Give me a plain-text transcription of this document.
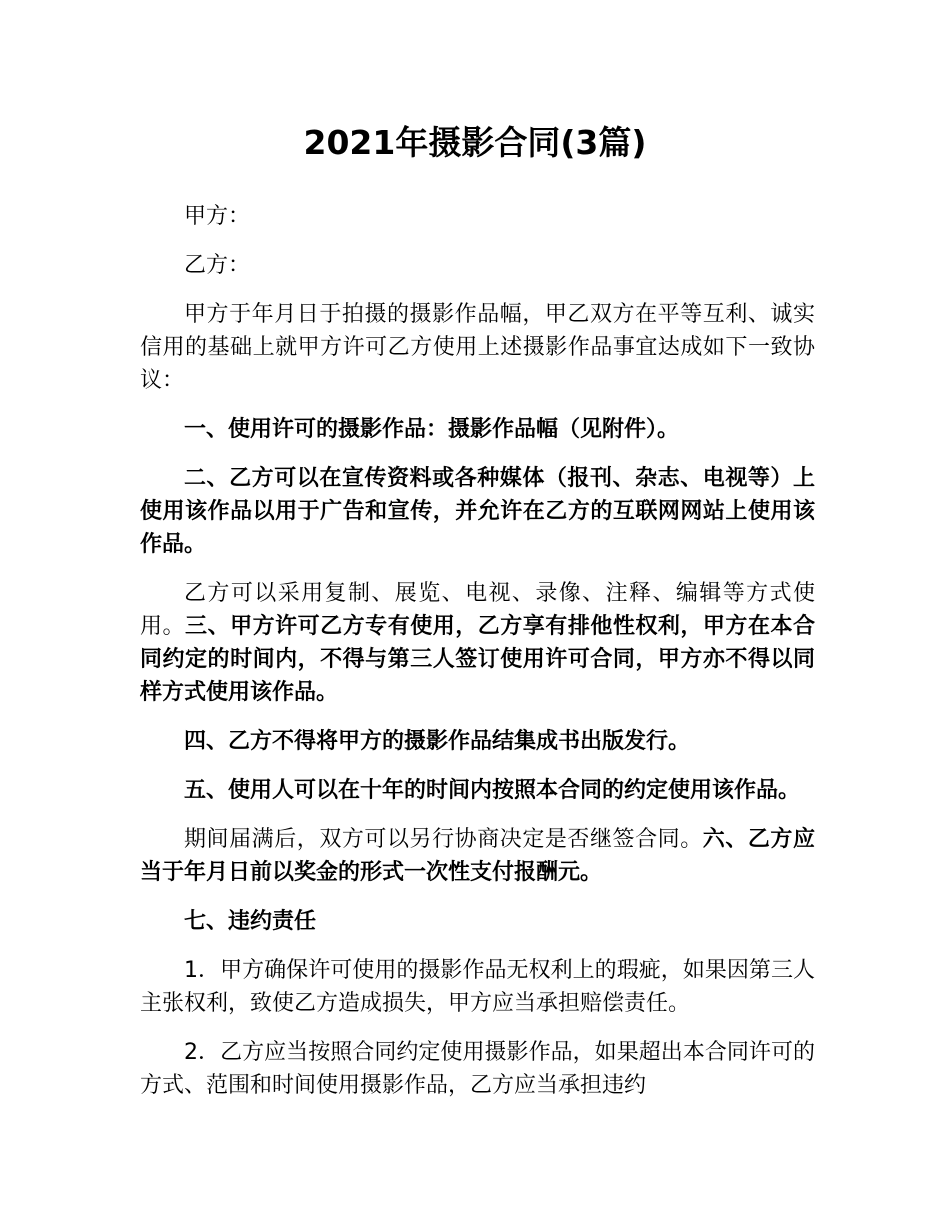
2021年摄影合同(3篇)

甲方：

乙方：

甲方于年月日于拍摄的摄影作品幅，甲乙双方在平等互利、诚实信用的基础上就甲方许可乙方使用上述摄影作品事宜达成如下一致协议：

一、使用许可的摄影作品：摄影作品幅（见附件）。

二、乙方可以在宣传资料或各种媒体（报刊、杂志、电视等）上使用该作品以用于广告和宣传，并允许在乙方的互联网网站上使用该作品。

乙方可以采用复制、展览、电视、录像、注释、编辑等方式使用。三、甲方许可乙方专有使用，乙方享有排他性权利，甲方在本合同约定的时间内，不得与第三人签订使用许可合同，甲方亦不得以同样方式使用该作品。

四、乙方不得将甲方的摄影作品结集成书出版发行。

五、使用人可以在十年的时间内按照本合同的约定使用该作品。

期间届满后，双方可以另行协商决定是否继签合同。六、乙方应当于年月日前以奖金的形式一次性支付报酬元。

七、违约责任

1．甲方确保许可使用的摄影作品无权利上的瑕疵，如果因第三人主张权利，致使乙方造成损失，甲方应当承担赔偿责任。

2．乙方应当按照合同约定使用摄影作品，如果超出本合同许可的方式、范围和时间使用摄影作品，乙方应当承担违约
